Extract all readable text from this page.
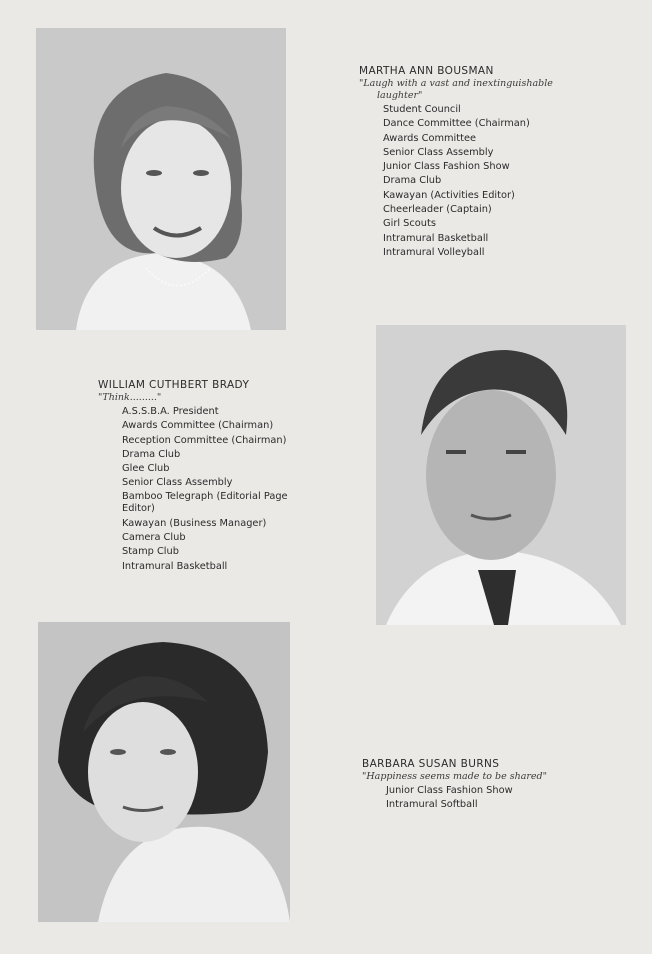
MARTHA ANN BOUSMAN

"Laugh with a vast and inextinguishable

laughter"

Student Council
Dance Committee (Chairman)
Awards Committee
Senior Class Assembly
Junior Class Fashion Show
Drama Club
Kawayan (Activities Editor)
Cheerleader (Captain)
Girl Scouts
Intramural Basketball
Intramural Volleyball
WILLIAM CUTHBERT BRADY

"Think........."

A.S.S.B.A. President
Awards Committee (Chairman)
Reception Committee (Chairman)
Drama Club
Glee Club
Senior Class Assembly
Bamboo Telegraph (Editorial Page Editor)
Kawayan (Business Manager)
Camera Club
Stamp Club
Intramural Basketball
BARBARA SUSAN BURNS

"Happiness seems made to be shared"

Junior Class Fashion Show
Intramural Softball
